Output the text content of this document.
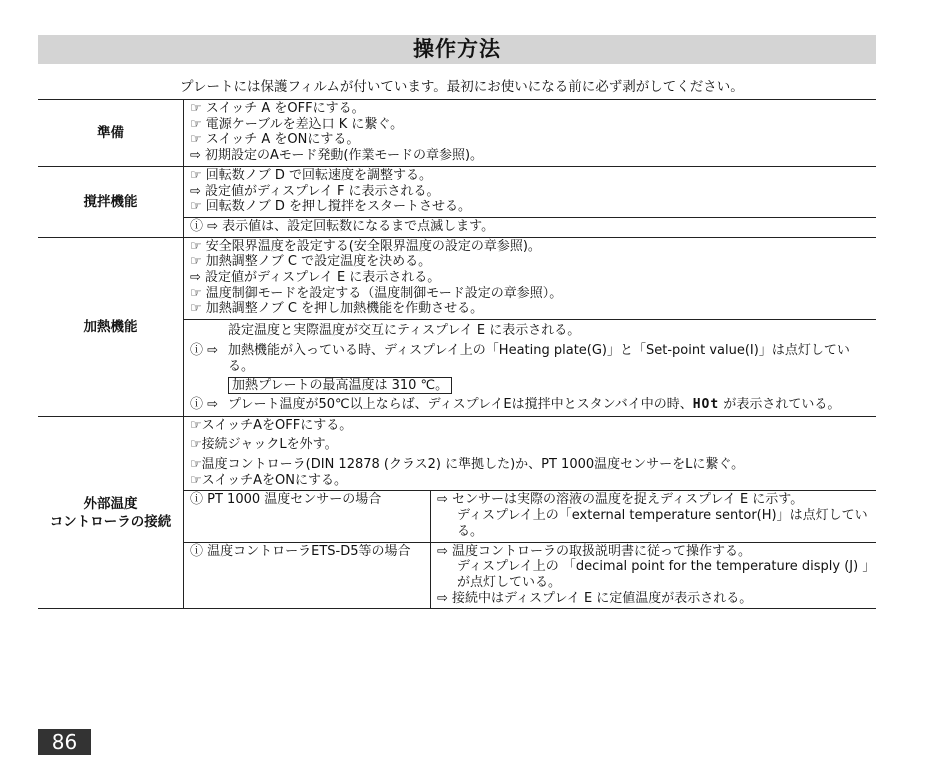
操作方法
プレートには保護フィルムが付いています。最初にお使いになる前に必ず剥がしてください。
準備	
☞ スイッチ A をOFFにする。
☞ 電源ケーブルを差込口 K に繋ぐ。
☞ スイッチ A をONにする。
⇨ 初期設定のAモード発動(作業モードの章参照)。

撹拌機能	
☞ 回転数ノブ D で回転速度を調整する。
⇨ 設定値がディスプレイ F に表示される。
☞ 回転数ノブ D を押し撹拌をスタートさせる。

ⓘ ⇨ 表示値は、設定回転数になるまで点滅します。

加熱機能	
☞ 安全限界温度を設定する(安全限界温度の設定の章参照)。
☞ 加熱調整ノブ C で設定温度を決める。
⇨ 設定値がディスプレイ E に表示される。
☞ 温度制御モードを設定する（温度制御モード設定の章参照）。
☞ 加熱調整ノブ C を押し加熱機能を作動させる。

設定温度と実際温度が交互にティスプレイ E に表示される。
ⓘ ⇨ 加熱機能が入っている時、ディスプレイ上の「Heating plate(G)」と「Set-point value(I)」は点灯している。
加熱プレートの最高温度は 310 ℃。
ⓘ ⇨ プレート温度が50℃以上ならば、ディスプレイEは撹拌中とスタンバイ中の時、HOt が表示されている。

外部温度
コントローラの接続	
☞スイッチAをOFFにする。
☞接続ジャックLを外す。
☞温度コントローラ(DIN 12878 (クラス2) に準拠した)か、PT 1000温度センサーをLに繋ぐ。
☞スイッチAをONにする。
ⓘ PT 1000 温度センサーの場合	⇨ センサーは実際の溶液の温度を捉えディスプレイ E に示す。
ディスプレイ上の「external temperature sentor(H)」は点灯している。

ⓘ 温度コントローラETS-D5等の場合	⇨ 温度コントローラの取扱説明書に従って操作する。
ディスプレイ上の 「decimal point for the temperature disply (J) 」が点灯している。
⇨ 接続中はディスプレイ E に定値温度が表示される。
86
